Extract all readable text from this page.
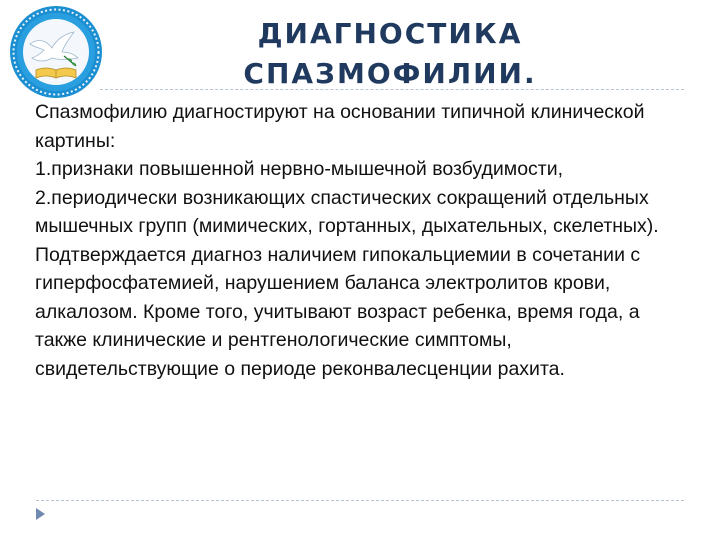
ДИАГНОСТИКА
СПАЗМОФИЛИИ.

Спазмофилию диагностируют на основании типичной клинической картины:

1.признаки повышенной нервно-мышечной возбудимости,

2.периодически возникающих спастических сокращений отдельных мышечных групп (мимических, гортанных, дыхательных, скелетных).

Подтверждается диагноз наличием гипокальциемии в сочетании с гиперфосфатемией, нарушением баланса электролитов крови, алкалозом. Кроме того, учитывают возраст ребенка, время года, а также клинические и рентгенологические симптомы, свидетельствующие о периоде реконвалесценции рахита.
